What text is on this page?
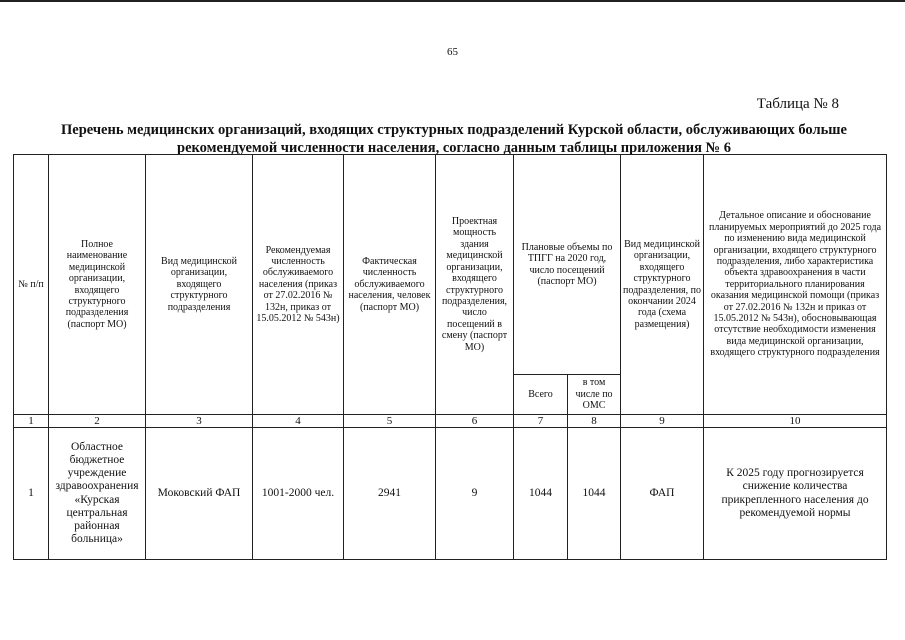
65
Таблица № 8
Перечень медицинских организаций, входящих структурных подразделений Курской области, обслуживающих больше
рекомендуемой численности населения, согласно данным таблицы приложения № 6
№ п/п	Полное наименование медицинской организации, входящего структурного подразделения (паспорт МО)	Вид медицинской организации, входящего структурного подразделения	Рекомендуемая численность обслуживаемого населения (приказ от 27.02.2016 № 132н, приказ от 15.05.2012 № 543н)	Фактическая численность обслуживаемого населения, человек (паспорт МО)	Проектная мощность здания медицинской организации, входящего структурного подразделения, число посещений в смену (паспорт МО)	Плановые объемы по ТПГГ на 2020 год, число посещений (паспорт МО)		Вид медицинской организации, входящего структурного подразделения, по окончании 2024 года (схема размещения)	Детальное описание и обоснование планируемых мероприятий до 2025 года по изменению вида медицинской организации, входящего структурного подразделения, либо характеристика объекта здравоохранения в части территориального планирования оказания медицинской помощи (приказ от 27.02.2016 № 132н и приказ от 15.05.2012 № 543н), обосновывающая отсутствие необходимости изменения вида медицинской организации, входящего структурного подразделения
						Всего	в том числе по ОМС		
1	2	3	4	5	6	7	8	9	10
1	Областное бюджетное учреждение здравоохранения «Курская центральная районная больница»	Моковский ФАП	1001-2000 чел.	2941	9	1044	1044	ФАП	К 2025 году прогнозируется снижение количества прикрепленного населения до рекомендуемой нормы
